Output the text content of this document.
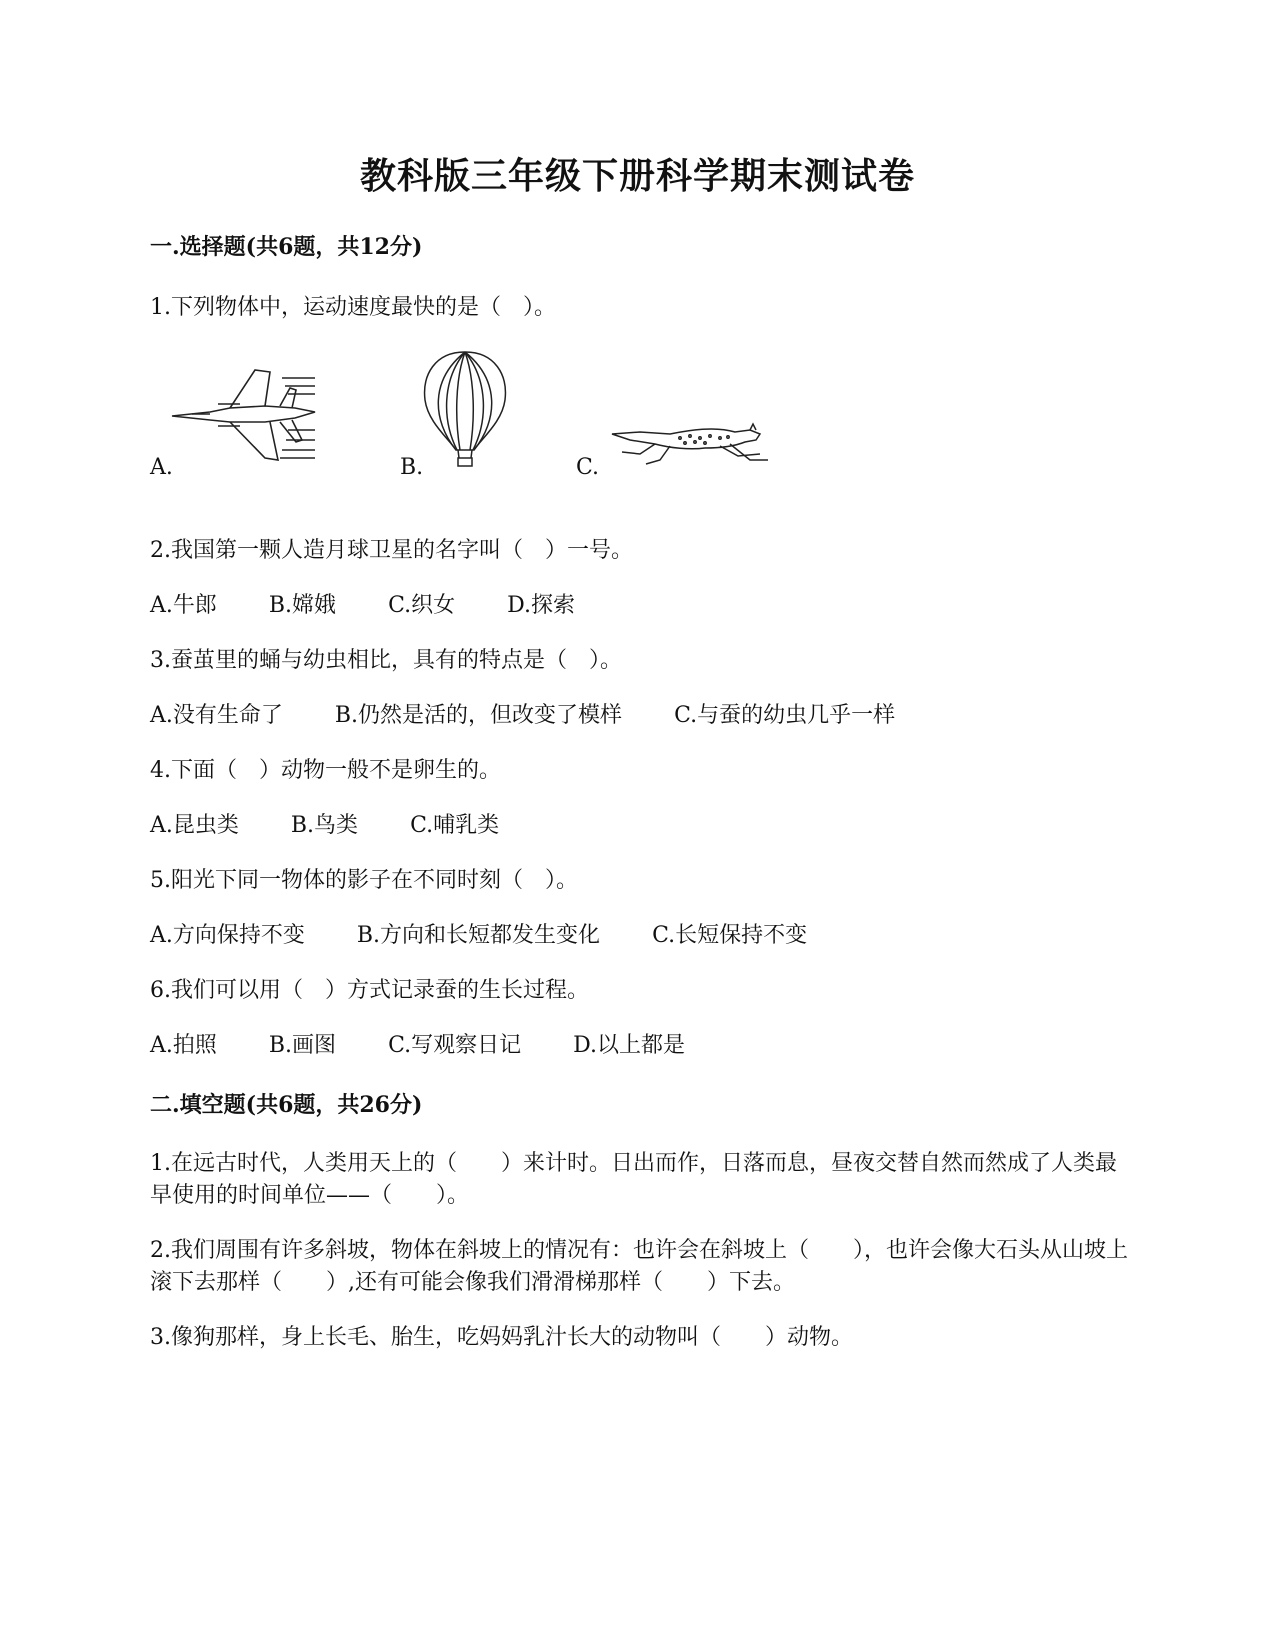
教科版三年级下册科学期末测试卷
一.选择题(共6题，共12分)
1.下列物体中，运动速度最快的是（　）。
A.	B.	C.
2.我国第一颗人造月球卫星的名字叫（　）一号。
A.牛郎 B.嫦娥 C.织女 D.探索
3.蚕茧里的蛹与幼虫相比，具有的特点是（　）。
A.没有生命了 B.仍然是活的，但改变了模样 C.与蚕的幼虫几乎一样
4.下面（　）动物一般不是卵生的。
A.昆虫类 B.鸟类 C.哺乳类
5.阳光下同一物体的影子在不同时刻（　）。
A.方向保持不变 B.方向和长短都发生变化 C.长短保持不变
6.我们可以用（　）方式记录蚕的生长过程。
A.拍照 B.画图 C.写观察日记 D.以上都是
二.填空题(共6题，共26分)
1.在远古时代，人类用天上的（　　）来计时。日出而作，日落而息，昼夜交替自然而然成了人类最早使用的时间单位——（　　）。
2.我们周围有许多斜坡，物体在斜坡上的情况有：也许会在斜坡上（　　），也许会像大石头从山坡上滚下去那样（　　）,还有可能会像我们滑滑梯那样（　　）下去。
3.像狗那样，身上长毛、胎生，吃妈妈乳汁长大的动物叫（　　）动物。
